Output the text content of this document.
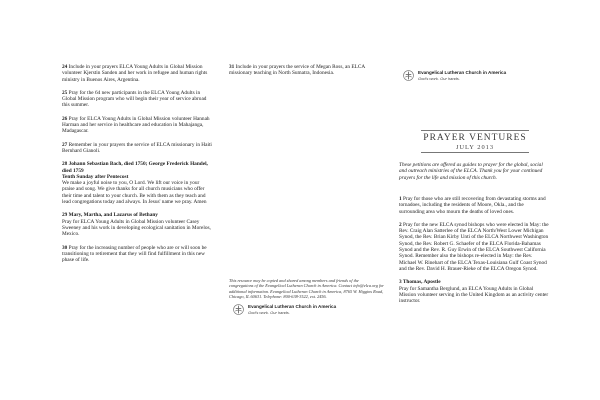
24 Include in your prayers ELCA Young Adults in Global Mission volunteer Kjerstin Sanden and her work in refugee and human rights ministry in Buenos Aires, Argentina.
25 Pray for the 64 new participants in the ELCA Young Adults in Global Mission program who will begin their year of service abroad this summer.
26 Pray for ELCA Young Adults in Global Mission volunteer Hannah Harman and her service in healthcare and education in Mahajanga, Madagascar.
27 Remember in your prayers the service of ELCA missionary in Haiti Bernhard Gianoli.
28 Johann Sebastian Bach, died 1750; George Frederick Handel, died 1759
Tenth Sunday after Pentecost
We make a joyful noise to you, O Lord. We lift our voice in your praise and song. We give thanks for all church musicians who offer their time and talent to your church. Be with them as they teach and lead congregations today and always. In Jesus' name we pray. Amen
29 Mary, Martha, and Lazarus of Bethany
Pray for ELCA Young Adults in Global Mission volunteer Casey Sweeney and his work in developing ecological sanitation in Morelos, Mexico.
30 Pray for the increasing number of people who are or will soon be transitioning to retirement that they will find fulfillment in this new phase of life.
31 Include in your prayers the service of Megan Ross, an ELCA missionary teaching in North Sumatra, Indonesia.
This resource may be copied and shared among members and friends of the congregations of the Evangelical Lutheran Church in America. Contact info@elca.org for additional information. Evangelical Lutheran Church in America, 8765 W. Higgins Road, Chicago, IL 60631. Telephone: 800-638-3522, ext. 2456.
Evangelical Lutheran Church in America
God's work. Our hands.
Evangelical Lutheran Church in America
God's work. Our hands.
PRAYER VENTURES
JULY 2013
These petitions are offered as guides to prayer for the global, social and outreach ministries of the ELCA. Thank you for your continued prayers for the life and mission of this church.
1 Pray for those who are still recovering from devastating storms and tornadoes, including the residents of Moore, Okla., and the surrounding area who mourn the deaths of loved ones.
2 Pray for the new ELCA synod bishops who were elected in May: the Rev. Craig Alan Satterlee of the ELCA North/West Lower Michigan Synod, the Rev. Brian Kirby Unti of the ELCA Northwest Washington Synod, the Rev. Robert G. Schaefer of the ELCA Florida-Bahamas Synod and the Rev. R. Guy Erwin of the ELCA Southwest California Synod. Remember also the bishops re-elected in May: the Rev. Michael W. Rinehart of the ELCA Texas-Louisiana Gulf Coast Synod and the Rev. David H. Brauer-Rieke of the ELCA Oregon Synod.
3 Thomas, Apostle
Pray for Samantha Berglund, an ELCA Young Adults in Global Mission volunteer serving in the United Kingdom as an activity center instructor.
